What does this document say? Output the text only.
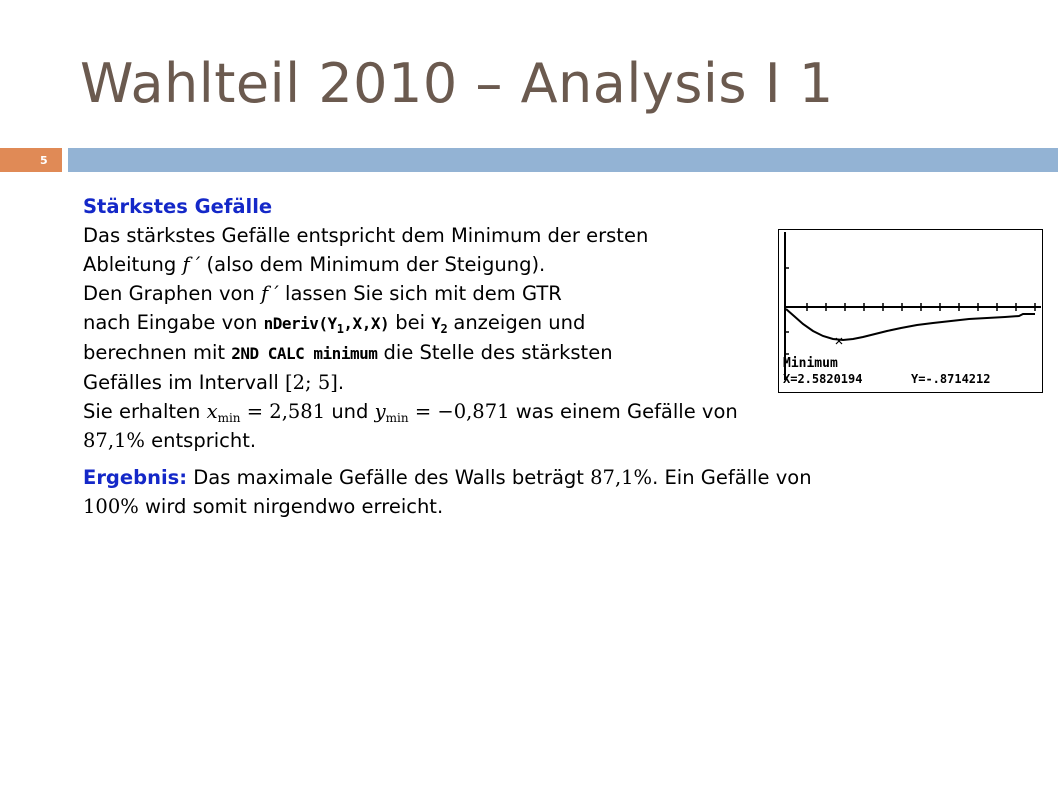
Wahlteil 2010 – Analysis I 1
5
Stärkstes Gefälle
Das stärkstes Gefälle entspricht dem Minimum der ersten
Ableitung f ′ (also dem Minimum der Steigung).
Den Graphen von f ′ lassen Sie sich mit dem GTR
nach Eingabe von $nDeriv(Y_1,X,X)$ bei $Y_2$ anzeigen und
berechnen mit 2ND CALC minimum die Stelle des stärksten
Gefälles im Intervall [2; 5].
Sie erhalten $x_{min} = 2,581$ und $y_{min} = -0,871$ was einem Gefälle von
87,1% entspricht.
Ergebnis: Das maximale Gefälle des Walls beträgt 87,1%. Ein Gefälle von
100% wird somit nirgendwo erreicht.
Minimum
X=2.5820194	Y=-.8714212
